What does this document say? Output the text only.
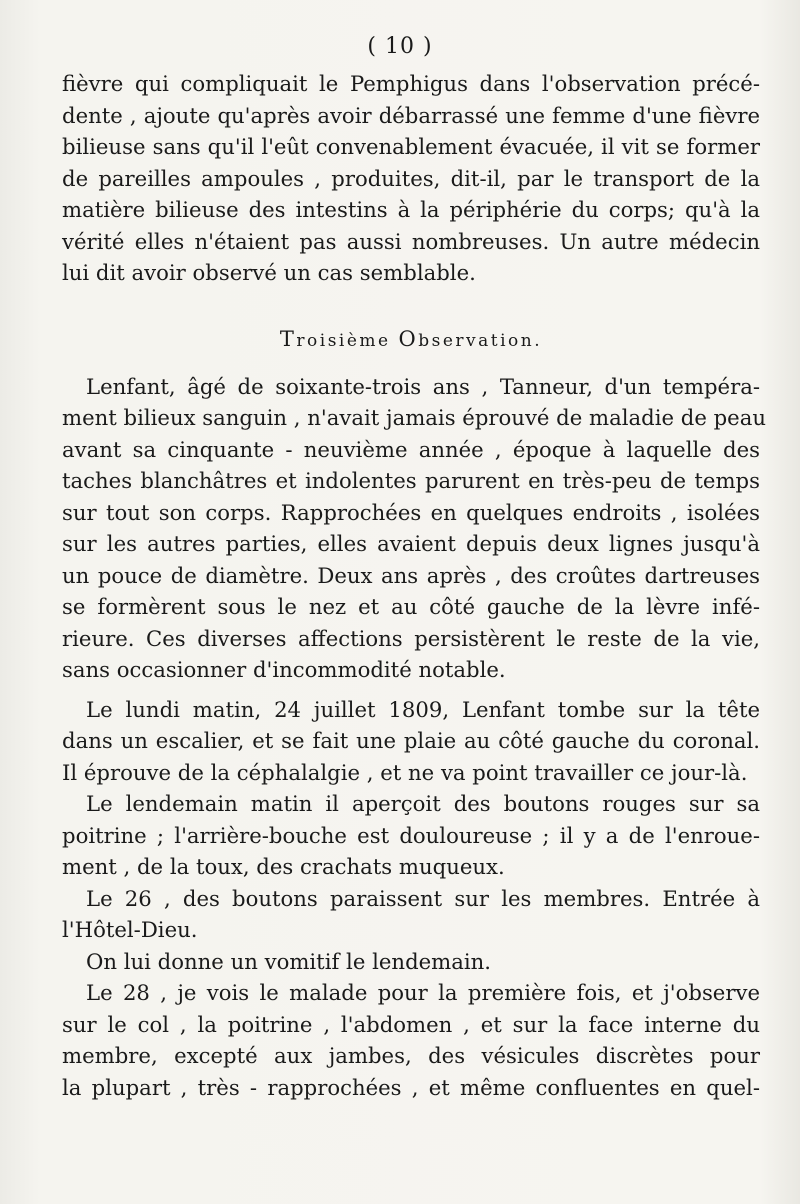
( 10 )
fièvre qui compliquait le Pemphigus dans l'observation précé-
dente , ajoute qu'après avoir débarrassé une femme d'une fièvre
bilieuse sans qu'il l'eût convenablement évacuée, il vit se former
de pareilles ampoules , produites, dit-il, par le transport de la
matière bilieuse des intestins à la périphérie du corps; qu'à la
vérité elles n'étaient pas aussi nombreuses. Un autre médecin
lui dit avoir observé un cas semblable.
Troisième Observation.
Lenfant, âgé de soixante-trois ans , Tanneur, d'un tempéra-
ment bilieux sanguin , n'avait jamais éprouvé de maladie de peau
avant sa cinquante - neuvième année , époque à laquelle des
taches blanchâtres et indolentes parurent en très-peu de temps
sur tout son corps. Rapprochées en quelques endroits , isolées
sur les autres parties, elles avaient depuis deux lignes jusqu'à
un pouce de diamètre. Deux ans après , des croûtes dartreuses
se formèrent sous le nez et au côté gauche de la lèvre infé-
rieure. Ces diverses affections persistèrent le reste de la vie,
sans occasionner d'incommodité notable.
Le lundi matin, 24 juillet 1809, Lenfant tombe sur la tête
dans un escalier, et se fait une plaie au côté gauche du coronal.
Il éprouve de la céphalalgie , et ne va point travailler ce jour-là.
Le lendemain matin il aperçoit des boutons rouges sur sa
poitrine ; l'arrière-bouche est douloureuse ; il y a de l'enroue-
ment , de la toux, des crachats muqueux.
Le 26 , des boutons paraissent sur les membres. Entrée à
l'Hôtel-Dieu.
On lui donne un vomitif le lendemain.
Le 28 , je vois le malade pour la première fois, et j'observe
sur le col , la poitrine , l'abdomen , et sur la face interne du
membre, excepté aux jambes, des vésicules discrètes pour
la plupart , très - rapprochées , et même confluentes en quel-
